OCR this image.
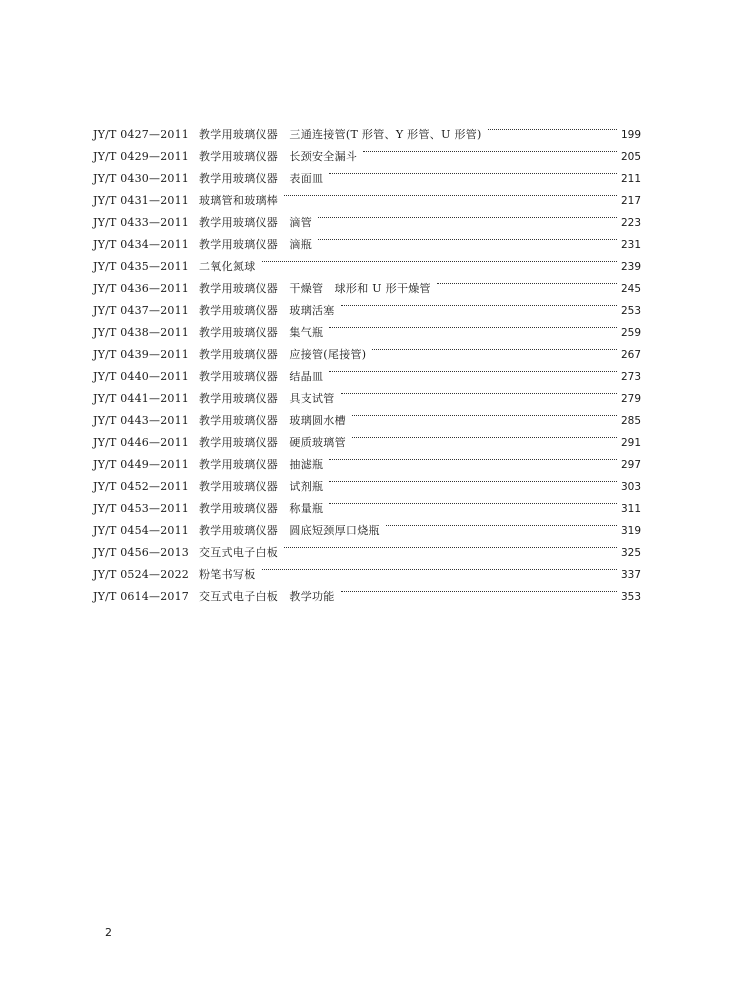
JY/T 0427—2011 教学用玻璃仪器　三通连接管(T 形管、Y 形管、U 形管)	199
JY/T 0429—2011 教学用玻璃仪器　长颈安全漏斗	205
JY/T 0430—2011 教学用玻璃仪器　表面皿	211
JY/T 0431—2011 玻璃管和玻璃棒	217
JY/T 0433—2011 教学用玻璃仪器　滴管	223
JY/T 0434—2011 教学用玻璃仪器　滴瓶	231
JY/T 0435—2011 二氧化氮球	239
JY/T 0436—2011 教学用玻璃仪器　干燥管　球形和 U 形干燥管	245
JY/T 0437—2011 教学用玻璃仪器　玻璃活塞	253
JY/T 0438—2011 教学用玻璃仪器　集气瓶	259
JY/T 0439—2011 教学用玻璃仪器　应接管(尾接管)	267
JY/T 0440—2011 教学用玻璃仪器　结晶皿	273
JY/T 0441—2011 教学用玻璃仪器　具支试管	279
JY/T 0443—2011 教学用玻璃仪器　玻璃圆水槽	285
JY/T 0446—2011 教学用玻璃仪器　硬质玻璃管	291
JY/T 0449—2011 教学用玻璃仪器　抽滤瓶	297
JY/T 0452—2011 教学用玻璃仪器　试剂瓶	303
JY/T 0453—2011 教学用玻璃仪器　称量瓶	311
JY/T 0454—2011 教学用玻璃仪器　圆底短颈厚口烧瓶	319
JY/T 0456—2013 交互式电子白板	325
JY/T 0524—2022 粉笔书写板	337
JY/T 0614—2017 交互式电子白板　教学功能	353
2
